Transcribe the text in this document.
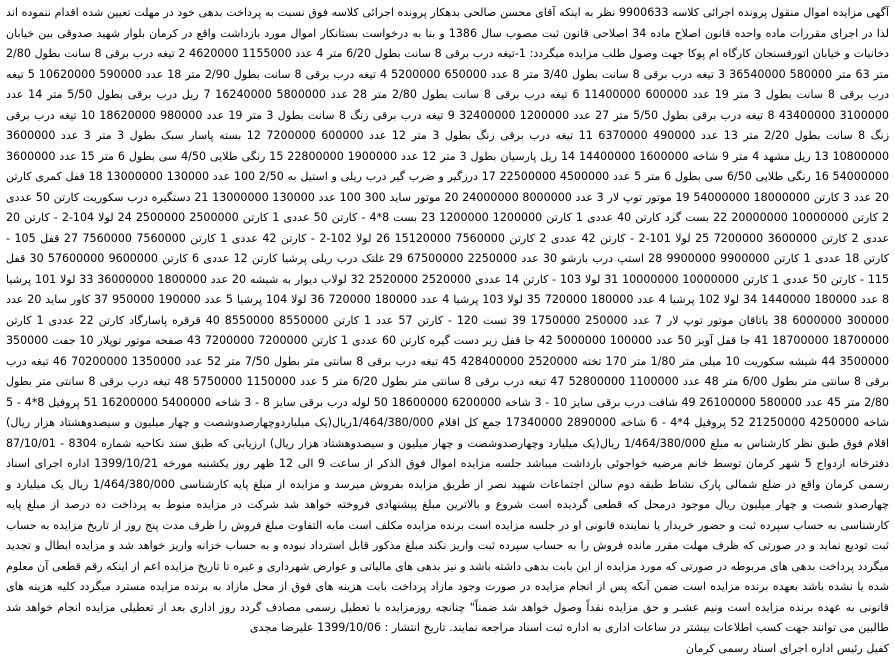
آگهی مزایده اموال منقول پرونده اجرائی کلاسه 9900633 نظر به اینکه آقای محسن صالحی بدهکار پرونده اجرائی کلاسه فوق نسبت به پرداخت بدهی خود در مهلت تعیین شده اقدام ننموده اند لذا در اجرای مقررات ماده واحده قانون اصلاح ماده 34 اصلاحی قانون ثبت مصوب سال 1386 و بنا به درخواست بستانکار اموال مورد بازداشت واقع در کرمان بلوار شهید صدوقی بین خیابان دخانیات و خیابان اتورفسنجان کارگاه ام پوکا جهت وصول طلب مزایده میگردد: 1-تیغه درب برقی 8 سانت بطول 6/20 متر 4 عدد 1155000 4620000 2 تیغه درب برقی 8 سانت بطول 2/80 متر 63 متر 580000 36540000 3 تیغه درب برقی 8 سانت بطول 3/40 متر 8 عدد 650000 5200000 4 تیغه درب برقی 8 سانت بطول 2/90 متر 18 عدد 590000 10620000 5 تیغه درب برقی 8 سانت بطول 3 متر 19 عدد 600000 11400000 6 تیغه درب برقی 8 سانت بطول 2/80 متر 28 عدد 5800000 16240000 7 ریل درب برقی بطول 5/50 متر 14 عدد 3100000 43400000 8 تیغه درب برقی بطول 5/50 متر 27 عدد 1200000 32400000 9 تیغه درب برقی زنگ 8 سانت بطول 3 متر 19 عدد 980000 18620000 10 تیغه درب برقی زنگ 8 سانت بطول 2/20 متر 13 عدد 490000 6370000 11 تیغه درب برقی زنگ بطول 3 متر 12 عدد 600000 7200000 12 بسته پاسار سبک بطول 3 متر 3 عدد 3600000 10800000 13 ریل مشهد 4 متر 9 شاخه 1600000 14400000 14 ریل پارسیان بطول 3 متر 12 عدد 1900000 22800000 15 رنگی طلایی 4/50 سی بطول 6 متر 15 عدد 3600000 54000000 16 رنگی طلایی 6/50 سی بطول 6 متر 5 عدد 4500000 22500000 17 درزگیر و ضرب گیر درب ریلی و استیل به 2/50 100 عدد 130000 13000000 18 قفل کمری کارتن 20 عدد 3 کارتن 18000000 54000000 19 موتور توپ لار 3 عدد 8000000 24000000 20 موتور ساید 300 100 عدد 130000 13000000 21 دستگیره درب سکوریت کارتن 50 عددی 2 کارتن 10000000 20000000 22 بست گرد کارتن 40 عددی 1 کارتن 1200000 1200000 23 بست 8*4 - کارتن 50 عددی 1 کارتن 2500000 2500000 24 لولا 104-2 - کارتن 20 عددی 2 کارتن 3600000 7200000 25 لولا 101-2 - کارتن 42 عددی 2 کارتن 7560000 15120000 26 لولا 102-2 - کارتن 42 عددی 1 کارتن 7560000 7560000 27 قفل 105 - کارتن 18 عددی 1 کارتن 9900000 9900000 28 استپ درب بازشو 30 عدد 2250000 67500000 29 غلتک درب ریلی پرشیا کارتن 12 عددی 6 کارتن 9600000 57600000 30 قفل 115 - کارتن 50 عددی 1 کارتن 10000000 10000000 31 لولا 103 - کارتن 14 عددی 2520000 2520000 32 لولاب دیوار به شیشه 20 عدد 1800000 36000000 33 لولا 101 پرشیا 8 عدد 180000 1440000 34 لولا 102 پرشیا 4 عدد 180000 720000 35 لولا 103 پرشیا 4 عدد 180000 720000 36 لولا 104 پرشیا 5 عدد 190000 950000 37 کاور ساید 20 عدد 300000 6000000 38 یاتاقان موتور توپ لار 7 عدد 250000 1750000 39 تست 120 - کارتن 57 عدد 1 کارتن 8550000 8550000 40 قرقره پاسارگاد کارتن 22 عددی 1 کارتن 18700000 18700000 41 جا قفل آویز 50 عدد 100000 5000000 42 جا قفل زیر دست گیره کارتن 60 عددی 1 کارتن 7200000 7200000 43 صفحه موتور توپلار 10 جفت 350000 3500000 44 شیشه سکوریت 10 میلی متر 1/80 متر 170 تخته 2520000 428400000 45 تیغه درب برقی 8 سانتی متر بطول 7/50 متر 52 عدد 1350000 70200000 46 تیغه درب برقی 8 سانتی متر بطول 6/00 متر 48 عدد 1100000 52800000 47 تیغه درب برقی 8 سانتی متر بطول 6/20 متر 5 عدد 1150000 5750000 48 تیغه درب برقی 8 سانتی متر بطول 2/80 متر 45 عدد 580000 26100000 49 شافت درب برقی سایز 10 - 3 شاخه 6200000 18600000 50 لوله درب برقی سایز 8 - 3 شاخه 5400000 16200000 51 پروفیل 8*4 - 5 شاخه 4250000 21250000 52 پروفیل 4*4 - 6 شاخه 2890000 17340000 جمع کل اقلام 1/464/380/000ریال(یک میلیاردوچهارصدوشصت و چهار میلیون و سیصدوهشتاد هزار ریال) اقلام فوق طبق نظر کارشناس به مبلغ 1/464/380/000 ریال(یک میلیارد وچهارصدوشصت و چهار میلیون و سیصدوهشتاد هزار ریال) ارزیابی که طبق سند نکاحیه شماره 8304 - 87/10/01 دفترخانه ازدواج 5 شهر کرمان توسط خانم مرضیه خواجوئی بازداشت میباشد جلسه مزایده اموال فوق الذکر از ساعت 9 الی 12 ظهر روز یکشنبه مورخه 1399/10/21 اداره اجرای اسناد رسمی کرمان واقع در ضلع شمالی پارک نشاط طبقه دوم سالن اجتماعات شهید نصر از طریق مزایده بفروش میرسد و مزایده از مبلغ پایه کارشناسی 1/464/380/000 ریال یک میلیارد و چهارصدو شصت و چهار میلیون ریال موجود درمحل که قطعی گردیده است شروع و بالاترین مبلغ پیشنهادی فروخته خواهد شد شرکت در مزایده منوط به پرداخت ده درصد از مبلغ پایه کارشناسی به حساب سپرده ثبت و حضور خریدار یا نماینده قانونی او در جلسه مزایده است برنده مزایده مکلف است مابه التفاوت مبلغ فروش را ظرف مدت پنج روز از تاریخ مزایده به حساب ثبت تودیع نماید و در صورتی که ظرف مهلت مقرر مانده فروش را به حساب سپرده ثبت واریز نکند مبلغ مذکور قابل استرداد نبوده و به حساب خزانه واریز خواهد شد و مزایده ابطال و تجدید میگردد پرداخت بدهی های مربوطه در صورتی که مورد مزایده از این بابت بدهی داشته باشد و نیز بدهی های مالیاتی و عوارض شهرداری و غیره تا تاریخ مزایده اعم از اینکه رقم قطعی آن معلوم شده یا نشده باشد بعهده برنده مزایده است ضمن آنکه پس از انجام مزایده در صورت وجود مازاد پرداخت بابت هزینه های فوق از محل مازاد به برنده مزایده مسترد میگردد کلیه هزینه های قانونی به عهده برنده مزایده است ونیم عشـر و حق مزایده نقداً وصول خواهد شد ضمناً" چنانچه روزمزایده با تعطیل رسمی مصادف گردد روز اداری بعد از تعطیلی مزایده انجام خواهد شد طالبین می توانند جهت کسب اطلاعات بیشتر در ساعات اداری به اداره ثبت اسناد مراجعه نمایند. تاریخ انتشار : 1399/10/06 علیرضا مجدی

کفیل رئیس اداره اجرای اسناد رسمی کرمان
